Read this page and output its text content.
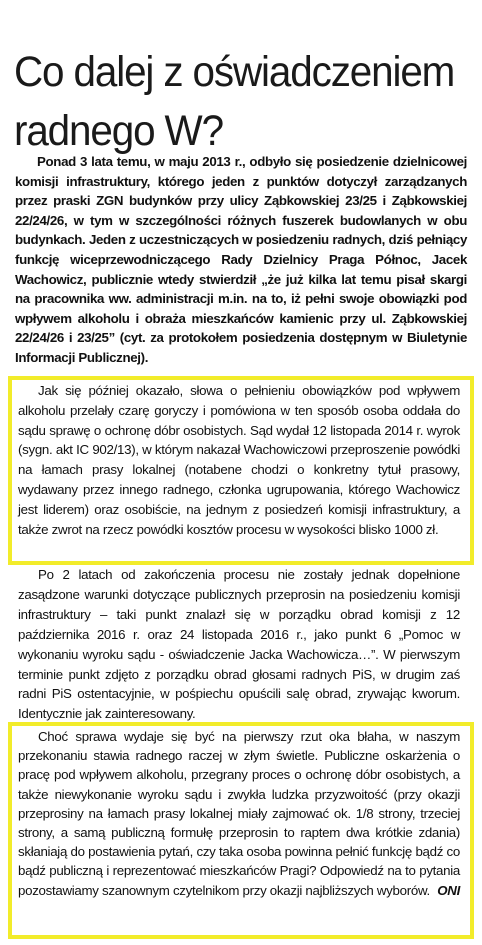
Co dalej z oświadczeniem
radnego W?

Ponad 3 lata temu, w maju 2013 r., odbyło się posiedzenie dzielnicowej komisji infrastruktury, którego jeden z punktów dotyczył zarządzanych przez praski ZGN budynków przy ulicy Ząbkowskiej 23/25 i Ząbkowskiej 22/24/26, w tym w szczególności różnych fuszerek budowlanych w obu budynkach. Jeden z uczestniczących w posiedzeniu radnych, dziś pełniący funkcję wiceprzewodniczącego Rady Dzielnicy Praga Północ, Jacek Wachowicz, publicznie wtedy stwierdził „że już kilka lat temu pisał skargi na pracownika ww. administracji m.in. na to, iż pełni swoje obowiązki pod wpływem alkoholu i obraża mieszkańców kamienic przy ul. Ząbkowskiej 22/24/26 i 23/25” (cyt. za protokołem posiedzenia dostępnym w Biuletynie Informacji Publicznej).

Jak się później okazało, słowa o pełnieniu obowiązków pod wpływem alkoholu przelały czarę goryczy i pomówiona w ten sposób osoba oddała do sądu sprawę o ochronę dóbr osobistych. Sąd wydał 12 listopada 2014 r. wyrok (sygn. akt IC 902/13), w którym nakazał Wachowiczowi przeproszenie powódki na łamach prasy lokalnej (notabene chodzi o konkretny tytuł prasowy, wydawany przez innego radnego, członka ugrupowania, którego Wachowicz jest liderem) oraz osobiście, na jednym z posiedzeń komisji infrastruktury, a także zwrot na rzecz powódki kosztów procesu w wysokości blisko 1000 zł.

Po 2 latach od zakończenia procesu nie zostały jednak dopełnione zasądzone warunki dotyczące publicznych przeprosin na posiedzeniu komisji infrastruktury – taki punkt znalazł się w porządku obrad komisji z 12 października 2016 r. oraz 24 listopada 2016 r., jako punkt 6 „Pomoc w wykonaniu wyroku sądu - oświadczenie Jacka Wachowicza…”. W pierwszym terminie punkt zdjęto z porządku obrad głosami radnych PiS, w drugim zaś radni PiS ostentacyjnie, w pośpiechu opuścili salę obrad, zrywając kworum. Identycznie jak zainteresowany.

Choć sprawa wydaje się być na pierwszy rzut oka błaha, w naszym przekonaniu stawia radnego raczej w złym świetle. Publiczne oskarżenia o pracę pod wpływem alkoholu, przegrany proces o ochronę dóbr osobistych, a także niewykonanie wyroku sądu i zwykła ludzka przyzwoitość (przy okazji przeprosiny na łamach prasy lokalnej miały zajmować ok. 1/8 strony, trzeciej strony, a samą publiczną formułę przeprosin to raptem dwa krótkie zdania) skłaniają do postawienia pytań, czy taka osoba powinna pełnić funkcję bądź co bądź publiczną i reprezentować mieszkańców Pragi? Odpowiedź na to pytania pozostawiamy szanownym czytelnikom przy okazji najbliższych wyborów. ONI
